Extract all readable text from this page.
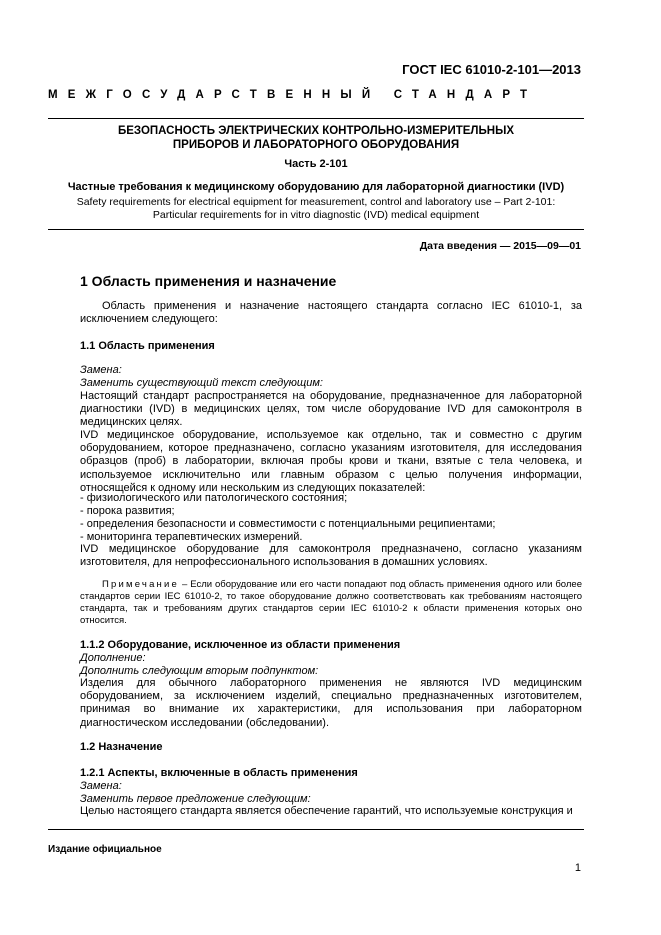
ГОСТ IEC 61010-2-101—2013
МЕЖГОСУДАРСТВЕННЫЙ СТАНДАРТ
БЕЗОПАСНОСТЬ ЭЛЕКТРИЧЕСКИХ КОНТРОЛЬНО-ИЗМЕРИТЕЛЬНЫХ ПРИБОРОВ И ЛАБОРАТОРНОГО ОБОРУДОВАНИЯ
Часть 2-101
Частные требования к медицинскому оборудованию для лабораторной диагностики (IVD)
Safety requirements for electrical equipment for measurement, control and laboratory use – Part 2-101:
Particular requirements for in vitro diagnostic (IVD) medical equipment
Дата введения — 2015—09—01
1 Область применения и назначение
Область применения и назначение настоящего стандарта согласно IEC 61010-1, за исключением следующего:
1.1 Область применения
Замена:
Заменить существующий текст следующим:
Настоящий стандарт распространяется на оборудование, предназначенное для лабораторной диагностики (IVD) в медицинских целях, том числе оборудование IVD для самоконтроля в медицинских целях.
IVD медицинское оборудование, используемое как отдельно, так и совместно с другим оборудованием, которое предназначено, согласно указаниям изготовителя, для исследования образцов (проб) в лаборатории, включая пробы крови и ткани, взятые с тела человека, и используемое исключительно или главным образом с целью получения информации, относящейся к одному или нескольким из следующих показателей:
- физиологического или патологического состояния;
- порока развития;
- определения безопасности и совместимости с потенциальными реципиентами;
- мониторинга терапевтических измерений.
IVD медицинское оборудование для самоконтроля предназначено, согласно указаниям изготовителя, для непрофессионального использования в домашних условиях.
Примечание – Если оборудование или его части попадают под область применения одного или более стандартов серии IEC 61010-2, то такое оборудование должно соответствовать как требованиям настоящего стандарта, так и требованиям других стандартов серии IEC 61010-2 к области применения которых оно относится.
1.1.2 Оборудование, исключенное из области применения
Дополнение:
Дополнить следующим вторым подпунктом:
Изделия для обычного лабораторного применения не являются IVD медицинским оборудованием, за исключением изделий, специально предназначенных изготовителем, принимая во внимание их характеристики, для использования при лабораторном диагностическом исследовании (обследовании).
1.2 Назначение
1.2.1 Аспекты, включенные в область применения
Замена:
Заменить первое предложение следующим:
Целью настоящего стандарта является обеспечение гарантий, что используемые конструкция и
Издание официальное
1
